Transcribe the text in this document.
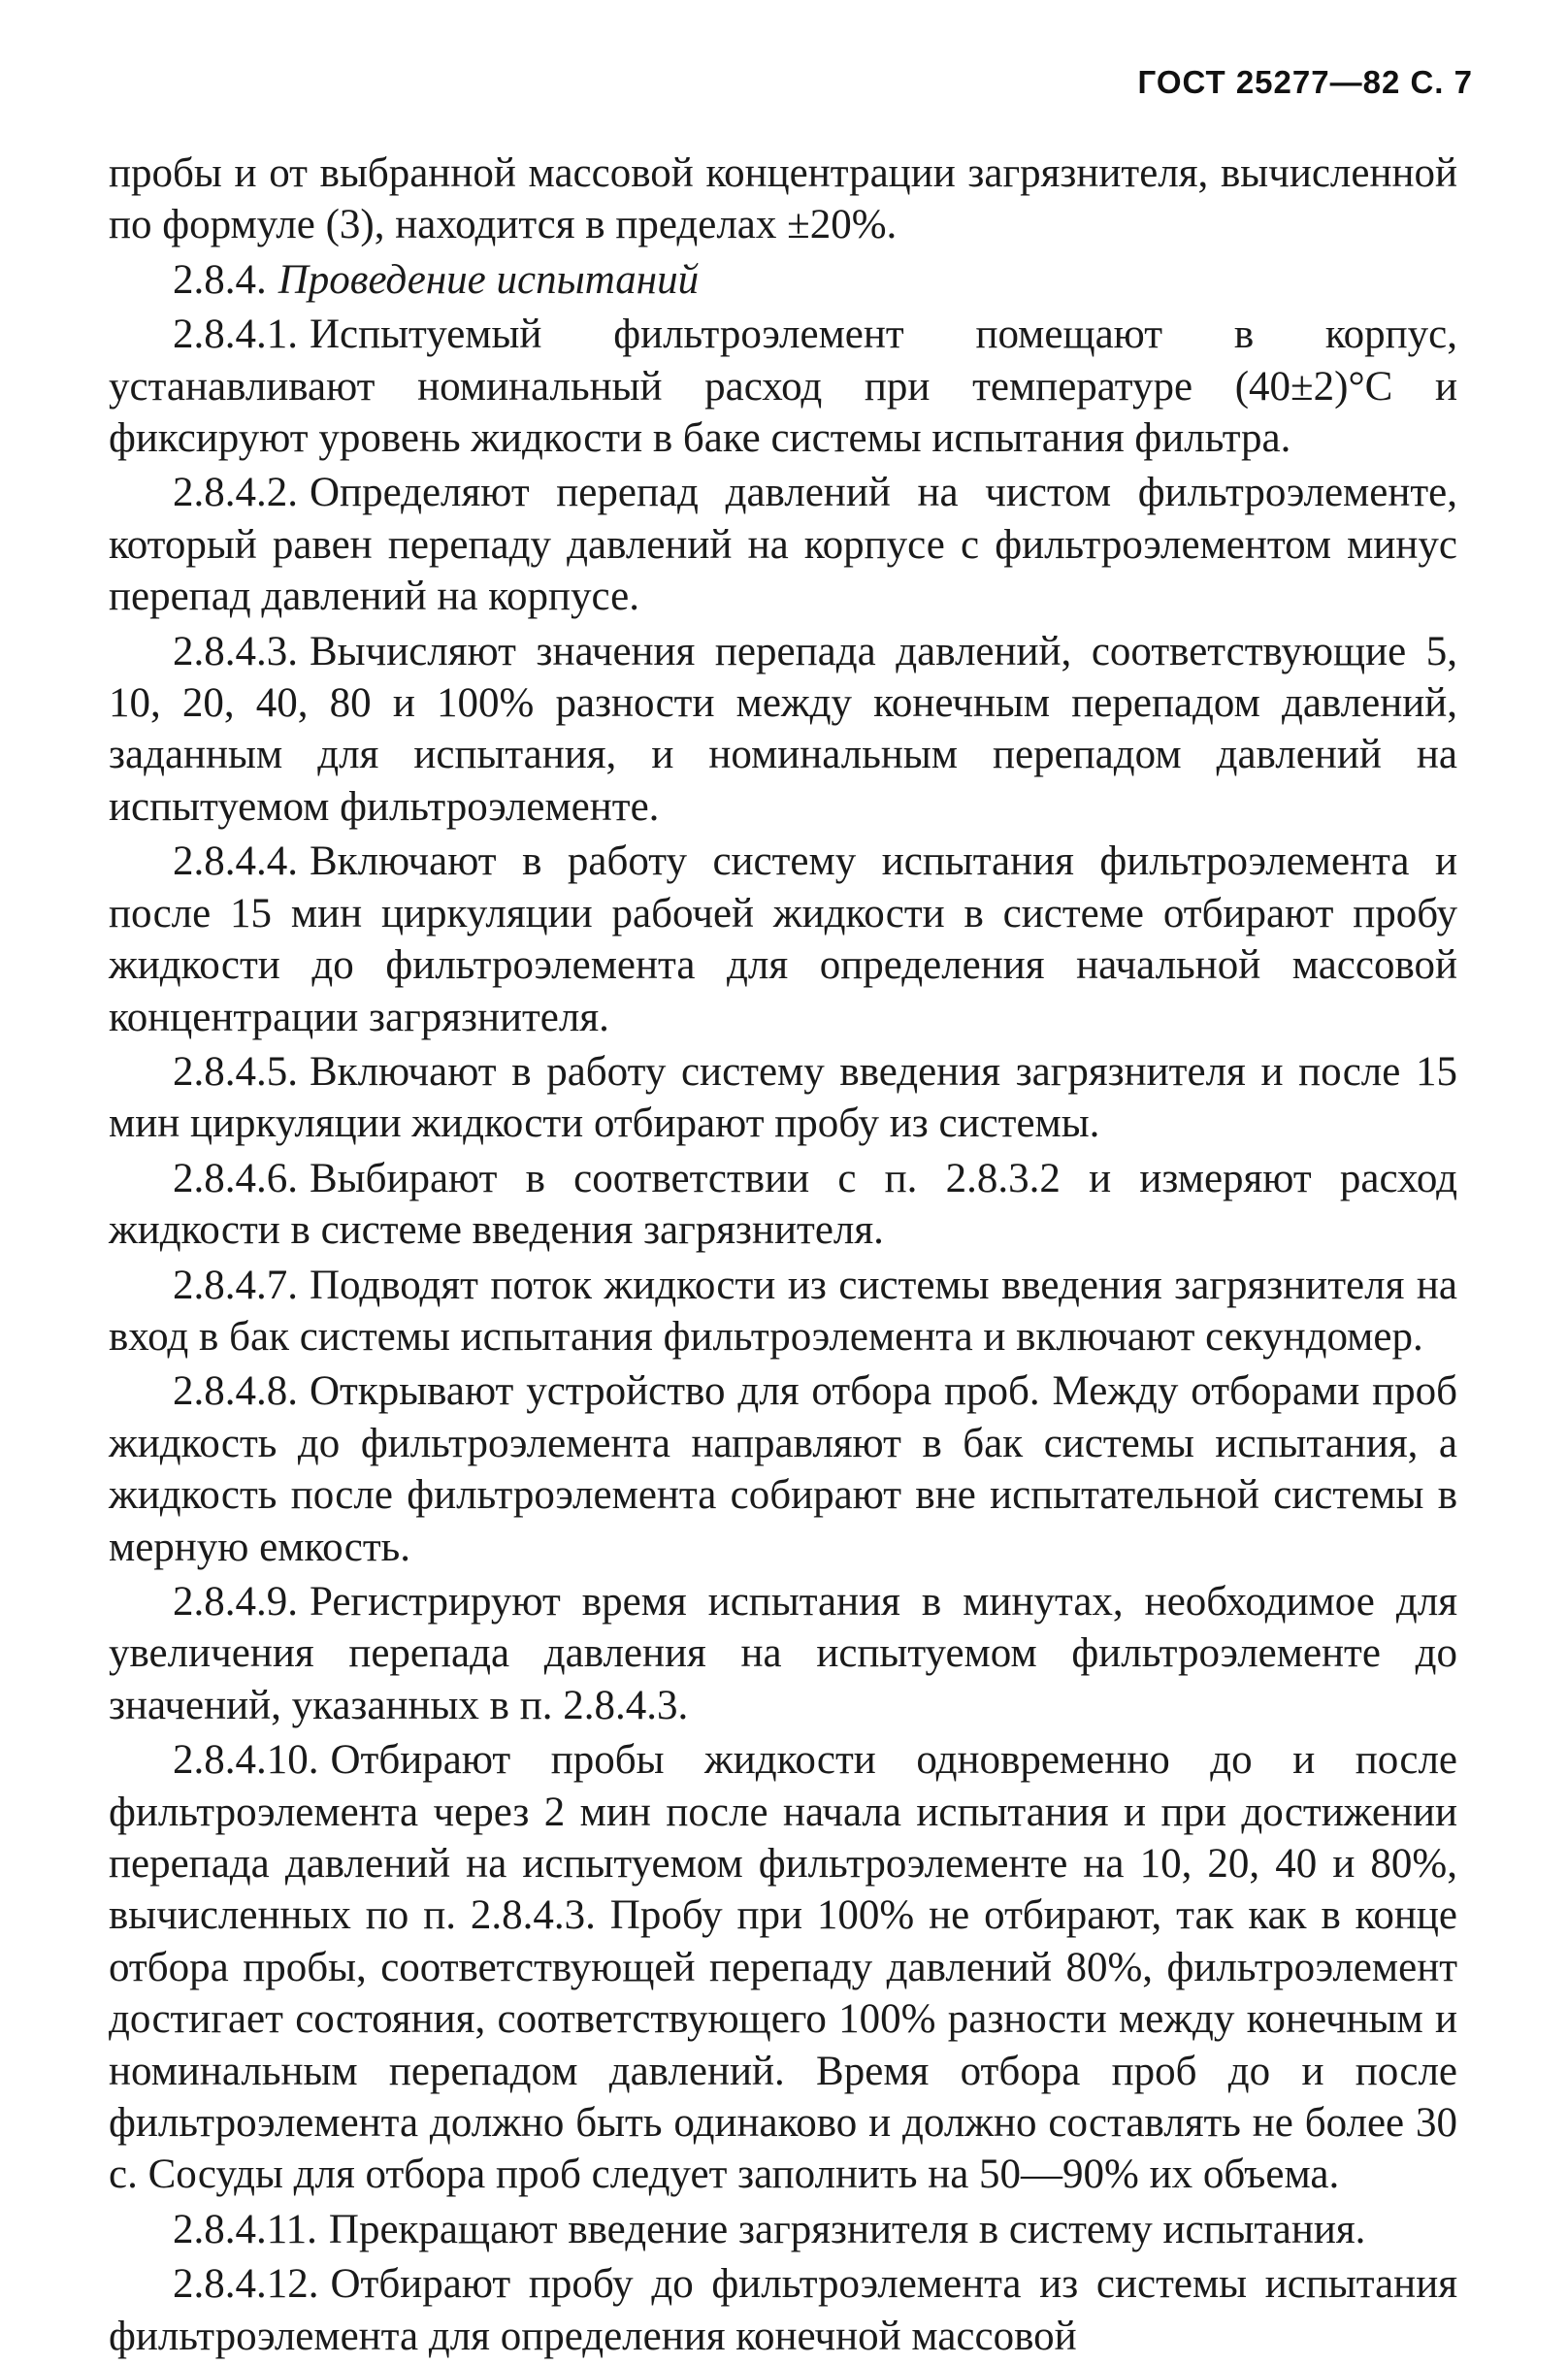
ГОСТ 25277—82 С. 7

пробы и от выбранной массовой концентрации загрязнителя, вычисленной по формуле (3), находится в пределах ±20%.

2.8.4. Проведение испытаний

2.8.4.1. Испытуемый фильтроэлемент помещают в корпус, устанавливают номинальный расход при температуре (40±2)°С и фиксируют уровень жидкости в баке системы испытания фильтра.

2.8.4.2. Определяют перепад давлений на чистом фильтроэлементе, который равен перепаду давлений на корпусе с фильтроэлементом минус перепад давлений на корпусе.

2.8.4.3. Вычисляют значения перепада давлений, соответствующие 5, 10, 20, 40, 80 и 100% разности между конечным перепадом давлений, заданным для испытания, и номинальным перепадом давлений на испытуемом фильтроэлементе.

2.8.4.4. Включают в работу систему испытания фильтроэлемента и после 15 мин циркуляции рабочей жидкости в системе отбирают пробу жидкости до фильтроэлемента для определения начальной массовой концентрации загрязнителя.

2.8.4.5. Включают в работу систему введения загрязнителя и после 15 мин циркуляции жидкости отбирают пробу из системы.

2.8.4.6. Выбирают в соответствии с п. 2.8.3.2 и измеряют расход жидкости в системе введения загрязнителя.

2.8.4.7. Подводят поток жидкости из системы введения загрязнителя на вход в бак системы испытания фильтроэлемента и включают секундомер.

2.8.4.8. Открывают устройство для отбора проб. Между отборами проб жидкость до фильтроэлемента направляют в бак системы испытания, а жидкость после фильтроэлемента собирают вне испытательной системы в мерную емкость.

2.8.4.9. Регистрируют время испытания в минутах, необходимое для увеличения перепада давления на испытуемом фильтроэлементе до значений, указанных в п. 2.8.4.3.

2.8.4.10. Отбирают пробы жидкости одновременно до и после фильтроэлемента через 2 мин после начала испытания и при достижении перепада давлений на испытуемом фильтроэлементе на 10, 20, 40 и 80%, вычисленных по п. 2.8.4.3. Пробу при 100% не отбирают, так как в конце отбора пробы, соответствующей перепаду давлений 80%, фильтроэлемент достигает состояния, соответствующего 100% разности между конечным и номинальным перепадом давлений. Время отбора проб до и после фильтроэлемента должно быть одинаково и должно составлять не более 30 с. Сосуды для отбора проб следует заполнить на 50—90% их объема.

2.8.4.11. Прекращают введение загрязнителя в систему испытания.

2.8.4.12. Отбирают пробу до фильтроэлемента из системы испытания фильтроэлемента для определения конечной массовой
